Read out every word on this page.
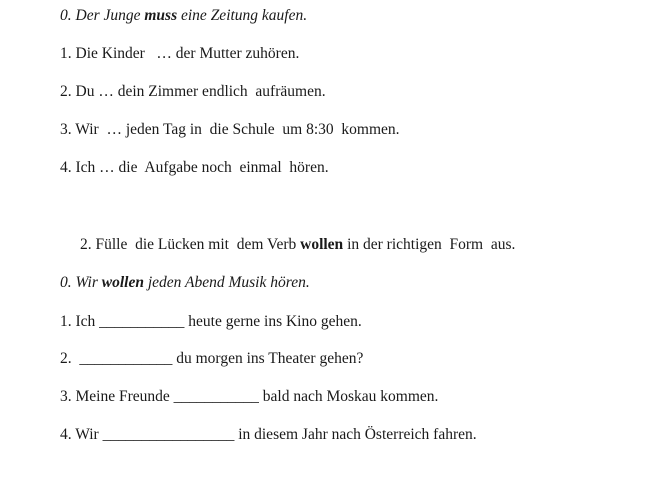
0. Der Junge muss eine Zeitung kaufen.
1. Die Kinder   … der Mutter zuhören.
2. Du … dein Zimmer endlich  aufräumen.
3. Wir  … jeden Tag in  die Schule  um 8:30  kommen.
4. Ich … die  Aufgabe noch  einmal  hören.
2. Fülle  die Lücken mit  dem Verb wollen in der richtigen  Form  aus.
0. Wir wollen jeden Abend Musik hören.
1. Ich ___________ heute gerne ins Kino gehen.
2.  ____________ du morgen ins Theater gehen?
3. Meine Freunde ___________ bald nach Moskau kommen.
4. Wir _________________ in diesem Jahr nach Österreich fahren.
